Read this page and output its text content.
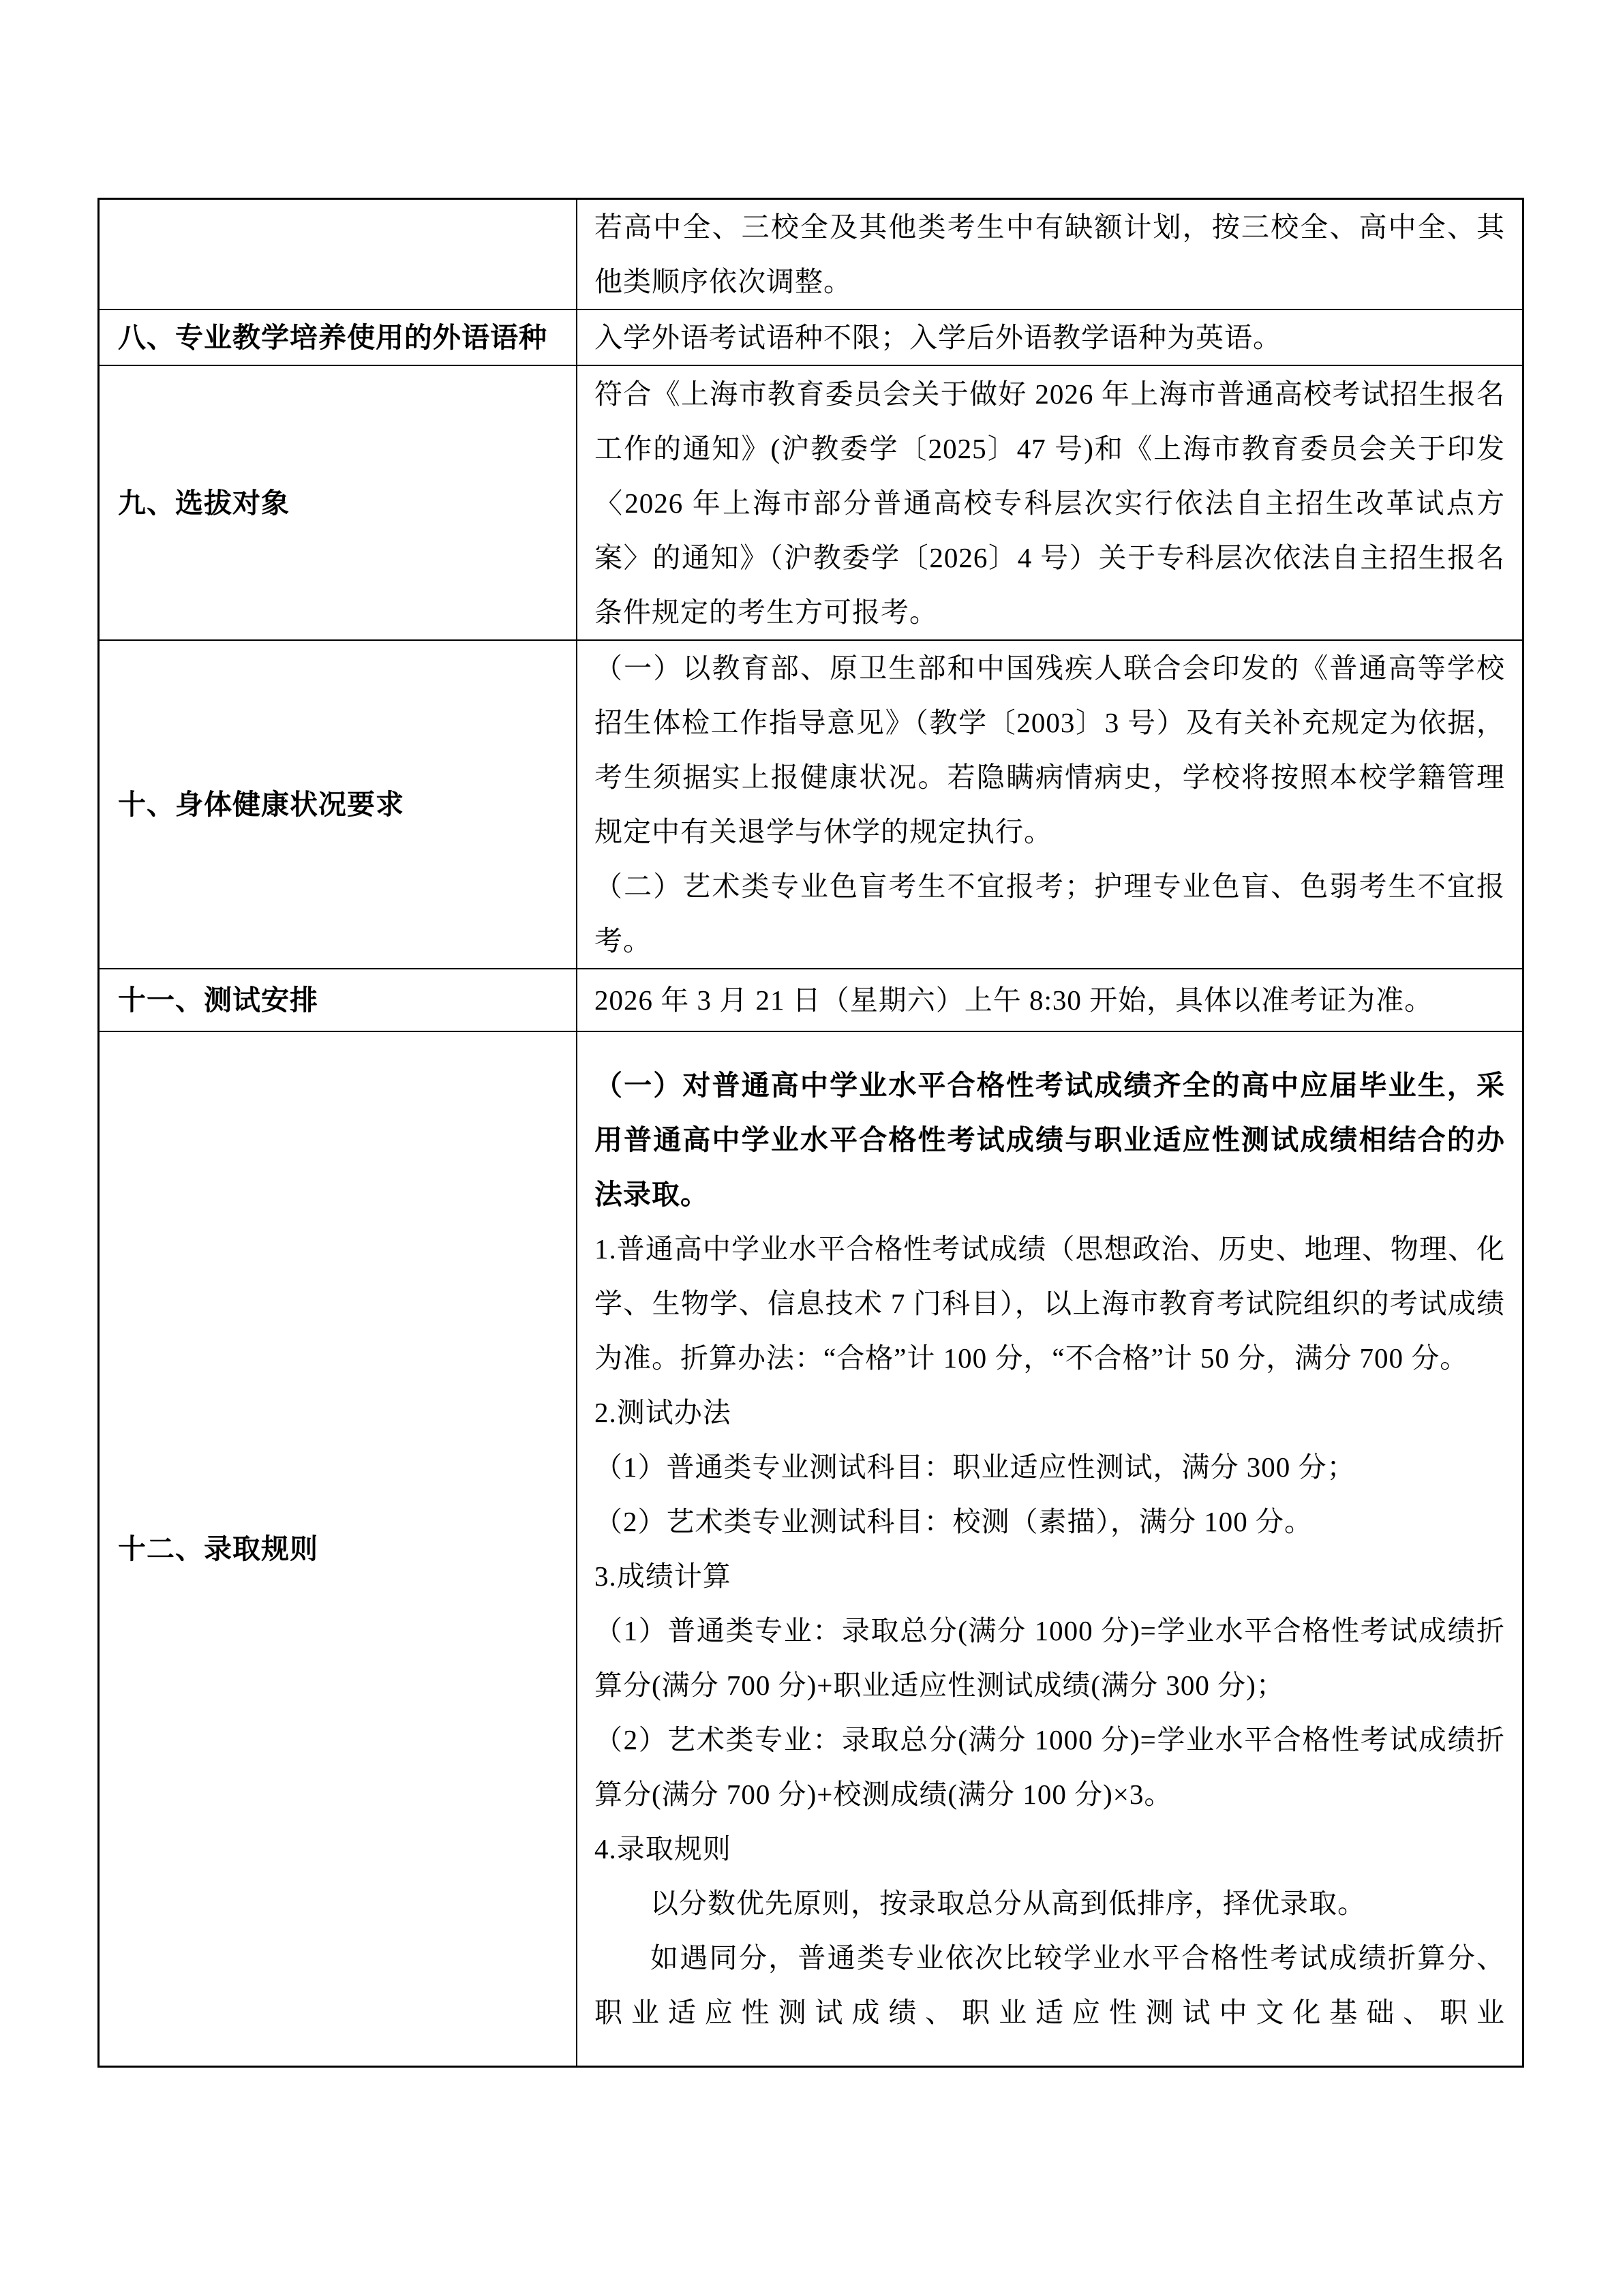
若高中全、三校全及其他类考生中有缺额计划，按三校全、高中全、其他类顺序依次调整。

八、专业教学培养使用的外语语种 入学外语考试语种不限；入学后外语教学语种为英语。

九、选拔对象

符合《上海市教育委员会关于做好 2026 年上海市普通高校考试招生报名工作的通知》(沪教委学〔2025〕47 号)和《上海市教育委员会关于印发〈2026 年上海市部分普通高校专科层次实行依法自主招生改革试点方案〉的通知》（沪教委学〔2026〕4 号）关于专科层次依法自主招生报名条件规定的考生方可报考。

十、身体健康状况要求

（一）以教育部、原卫生部和中国残疾人联合会印发的《普通高等学校招生体检工作指导意见》（教学〔2003〕3 号）及有关补充规定为依据，考生须据实上报健康状况。若隐瞒病情病史，学校将按照本校学籍管理规定中有关退学与休学的规定执行。

（二）艺术类专业色盲考生不宜报考；护理专业色盲、色弱考生不宜报考。

十一、测试安排	2026 年 3 月 21 日（星期六）上午 8:30 开始，具体以准考证为准。

十二、录取规则

（一）对普通高中学业水平合格性考试成绩齐全的高中应届毕业生，采用普通高中学业水平合格性考试成绩与职业适应性测试成绩相结合的办法录取。

1.普通高中学业水平合格性考试成绩（思想政治、历史、地理、物理、化学、生物学、信息技术 7 门科目），以上海市教育考试院组织的考试成绩为准。折算办法：“合格”计 100 分，“不合格”计 50 分，满分 700 分。

2.测试办法

（1）普通类专业测试科目：职业适应性测试，满分 300 分；

（2）艺术类专业测试科目：校测（素描），满分 100 分。

3.成绩计算

（1）普通类专业：录取总分(满分 1000 分)=学业水平合格性考试成绩折算分(满分 700 分)+职业适应性测试成绩(满分 300 分)；

（2）艺术类专业：录取总分(满分 1000 分)=学业水平合格性考试成绩折算分(满分 700 分)+校测成绩(满分 100 分)×3。

4.录取规则

以分数优先原则，按录取总分从高到低排序，择优录取。

如遇同分，普通类专业依次比较学业水平合格性考试成绩折算分、职业适应性测试成绩、职业适应性测试中文化基础、职业
